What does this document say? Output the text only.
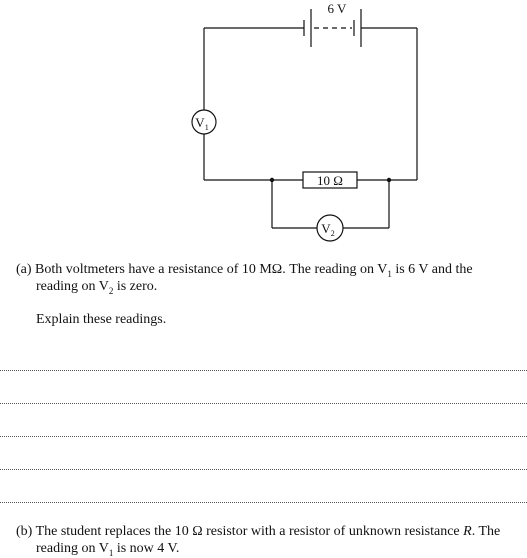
6 V
$V_1$
10 Ω
$V_2$

(a) Both voltmeters have a resistance of 10 MΩ. The reading on $V_1$ is 6 V and the
reading on $V_2$ is zero.

Explain these readings.

(b) The student replaces the 10 Ω resistor with a resistor of unknown resistance R. The
reading on $V_1$ is now 4 V.
